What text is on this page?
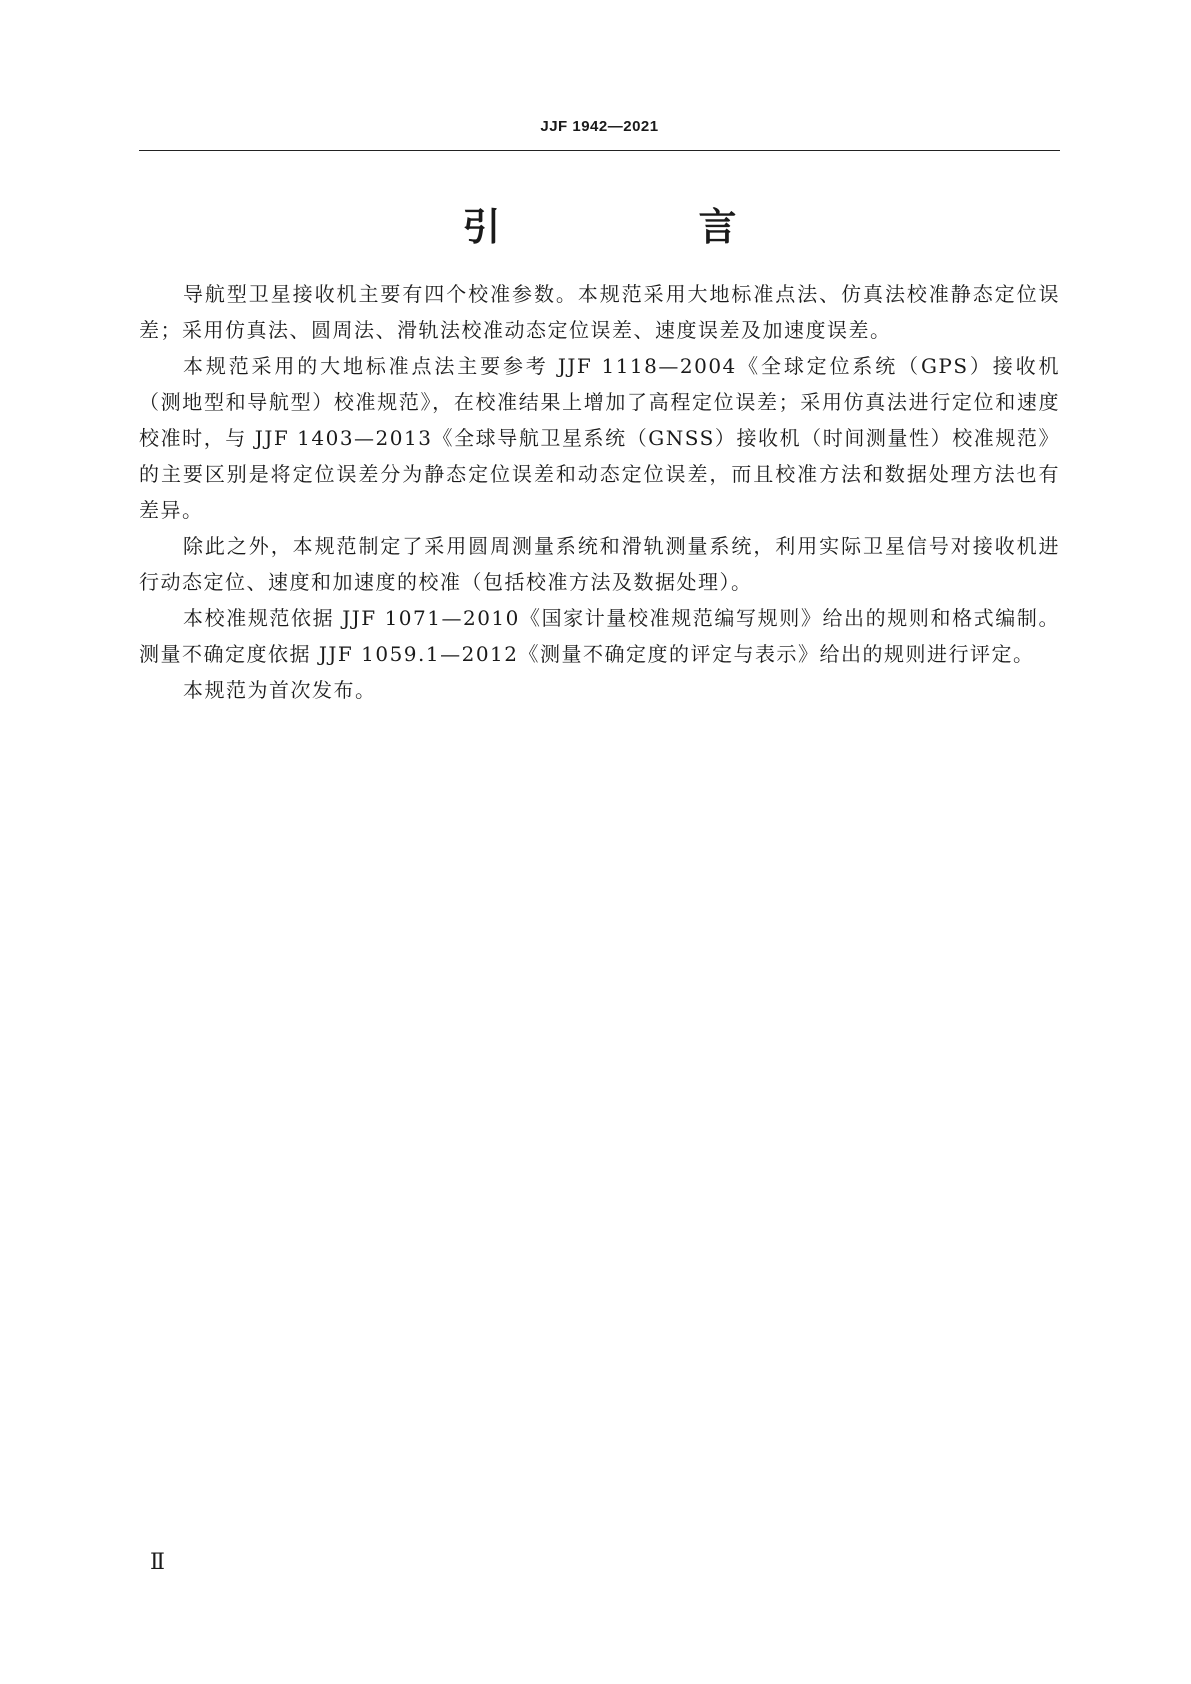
JJF 1942—2021
引　言

导航型卫星接收机主要有四个校准参数。本规范采用大地标准点法、仿真法校准静态定位误差；采用仿真法、圆周法、滑轨法校准动态定位误差、速度误差及加速度误差。

本规范采用的大地标准点法主要参考 JJF 1118—2004《全球定位系统（GPS）接收机（测地型和导航型）校准规范》，在校准结果上增加了高程定位误差；采用仿真法进行定位和速度校准时，与 JJF 1403—2013《全球导航卫星系统（GNSS）接收机（时间测量性）校准规范》的主要区别是将定位误差分为静态定位误差和动态定位误差，而且校准方法和数据处理方法也有差异。

除此之外，本规范制定了采用圆周测量系统和滑轨测量系统，利用实际卫星信号对接收机进行动态定位、速度和加速度的校准（包括校准方法及数据处理）。

本校准规范依据 JJF 1071—2010《国家计量校准规范编写规则》给出的规则和格式编制。测量不确定度依据 JJF 1059.1—2012《测量不确定度的评定与表示》给出的规则进行评定。

本规范为首次发布。

Ⅱ
